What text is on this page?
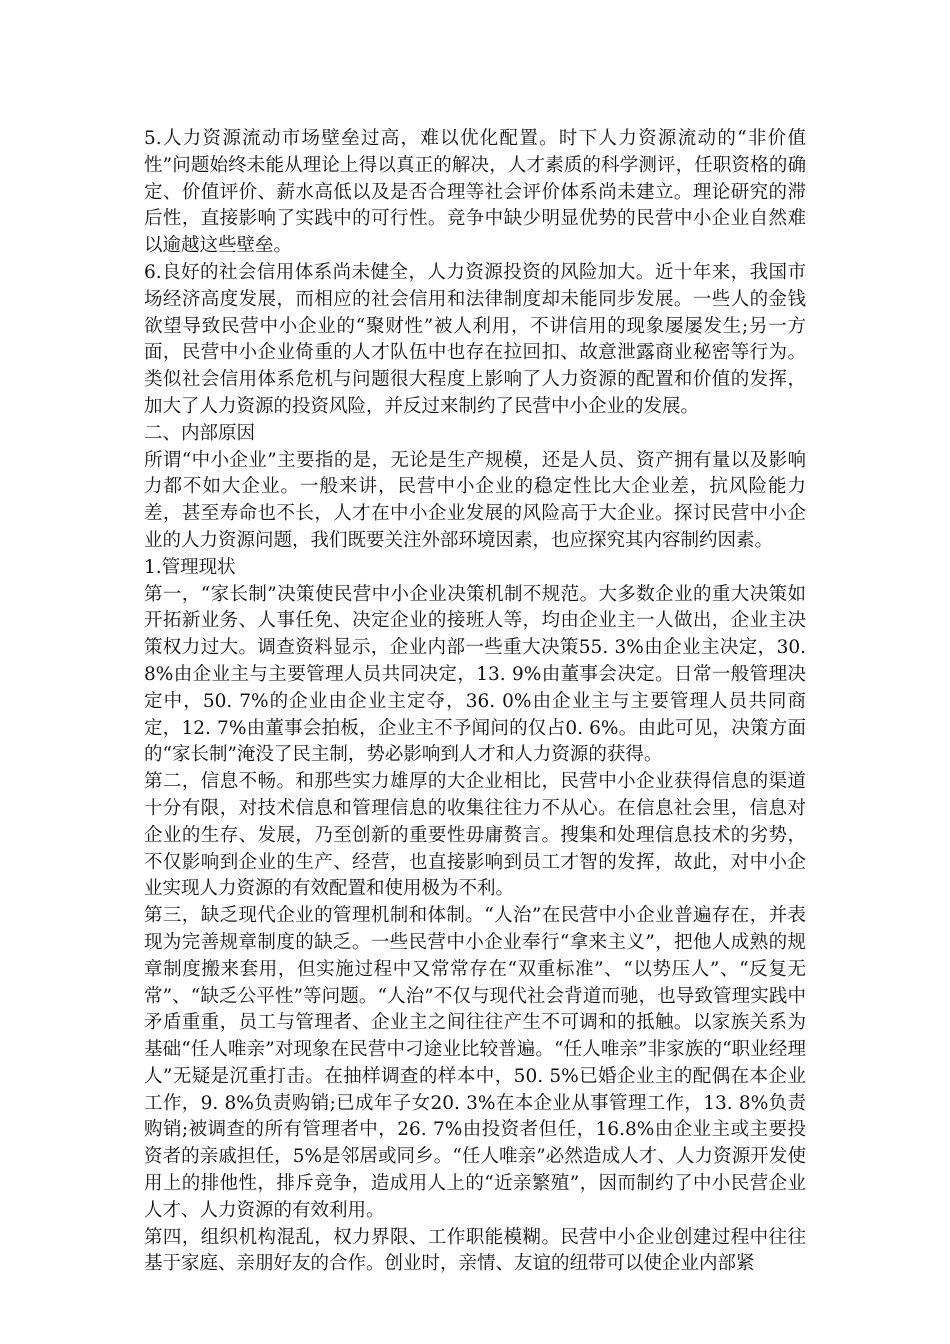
5.人力资源流动市场壁垒过高，难以优化配置。时下人力资源流动的“非价值性”问题始终未能从理论上得以真正的解决，人才素质的科学测评，任职资格的确定、价值评价、薪水高低以及是否合理等社会评价体系尚未建立。理论研究的滞后性，直接影响了实践中的可行性。竞争中缺少明显优势的民营中小企业自然难以逾越这些壁垒。

6.良好的社会信用体系尚未健全，人力资源投资的风险加大。近十年来，我国市场经济高度发展，而相应的社会信用和法律制度却未能同步发展。一些人的金钱欲望导致民营中小企业的“聚财性”被人利用，不讲信用的现象屡屡发生;另一方面，民营中小企业倚重的人才队伍中也存在拉回扣、故意泄露商业秘密等行为。类似社会信用体系危机与问题很大程度上影响了人力资源的配置和价值的发挥，加大了人力资源的投资风险，并反过来制约了民营中小企业的发展。

二、内部原因

所谓“中小企业”主要指的是，无论是生产规模，还是人员、资产拥有量以及影响力都不如大企业。一般来讲，民营中小企业的稳定性比大企业差，抗风险能力差，甚至寿命也不长，人才在中小企业发展的风险高于大企业。探讨民营中小企业的人力资源问题，我们既要关注外部环境因素，也应探究其内容制约因素。

1.管理现状

第一，“家长制”决策使民营中小企业决策机制不规范。大多数企业的重大决策如开拓新业务、人事任免、决定企业的接班人等，均由企业主一人做出，企业主决策权力过大。调查资料显示，企业内部一些重大决策55. 3%由企业主决定，30. 8%由企业主与主要管理人员共同决定，13. 9%由董事会决定。日常一般管理决定中，50. 7%的企业由企业主定夺，36. 0%由企业主与主要管理人员共同商定，12. 7%由董事会拍板，企业主不予闻问的仅占0. 6%。由此可见，决策方面的“家长制”淹没了民主制，势必影响到人才和人力资源的获得。

第二，信息不畅。和那些实力雄厚的大企业相比，民营中小企业获得信息的渠道十分有限，对技术信息和管理信息的收集往往力不从心。在信息社会里，信息对企业的生存、发展，乃至创新的重要性毋庸赘言。搜集和处理信息技术的劣势，不仅影响到企业的生产、经营，也直接影响到员工才智的发挥，故此，对中小企业实现人力资源的有效配置和使用极为不利。

第三，缺乏现代企业的管理机制和体制。“人治”在民营中小企业普遍存在，并表现为完善规章制度的缺乏。一些民营中小企业奉行“拿来主义”，把他人成熟的规章制度搬来套用，但实施过程中又常常存在“双重标准”、“以势压人”、“反复无常”、“缺乏公平性”等问题。“人治”不仅与现代社会背道而驰，也导致管理实践中矛盾重重，员工与管理者、企业主之间往往产生不可调和的抵触。以家族关系为基础“任人唯亲”对现象在民营中刁途业比较普遍。“任人唯亲”非家族的“职业经理人”无疑是沉重打击。在抽样调查的样本中，50. 5%已婚企业主的配偶在本企业工作，9. 8%负责购销;已成年子女20. 3%在本企业从事管理工作，13. 8%负责购销;被调查的所有管理者中，26. 7%由投资者但任，16.8%由企业主或主要投资者的亲戚担任，5%是邻居或同乡。“任人唯亲”必然造成人才、人力资源开发使用上的排他性，排斥竞争，造成用人上的“近亲繁殖”，因而制约了中小民营企业人才、人力资源的有效利用。

第四，组织机构混乱，权力界限、工作职能模糊。民营中小企业创建过程中往往基于家庭、亲朋好友的合作。创业时，亲情、友谊的纽带可以使企业内部紧
